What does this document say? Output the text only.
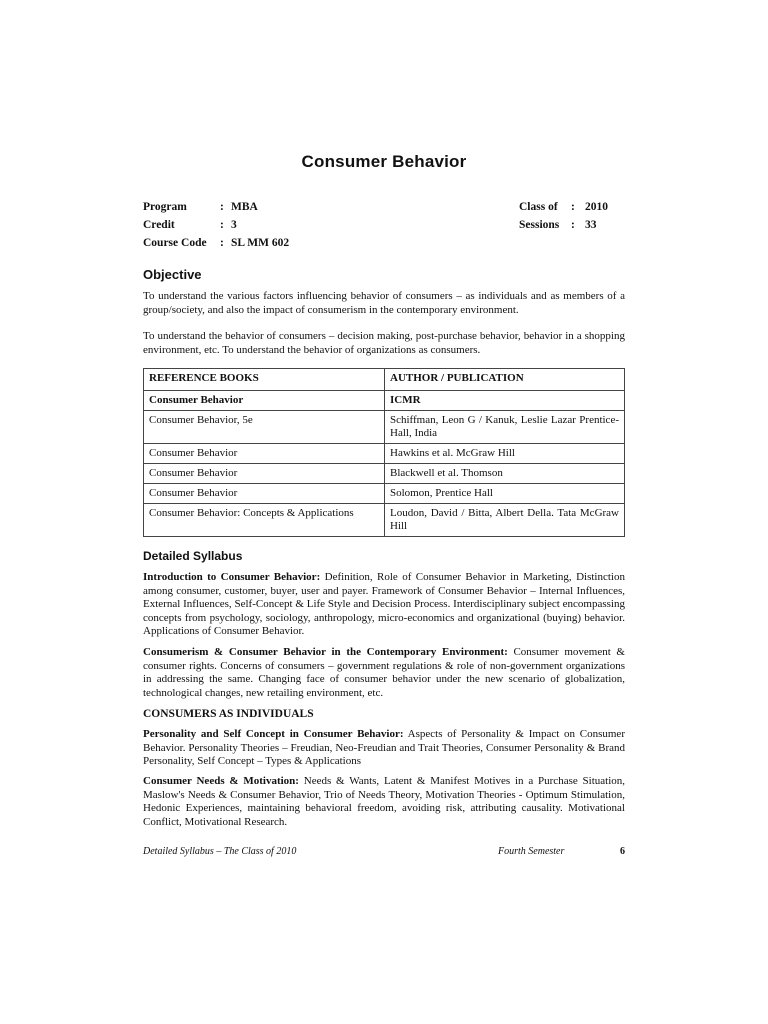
Consumer Behavior
Program	: MBA	Class of : 2010
Credit	: 3	Sessions : 33
Course Code : SL MM 602
Objective
To understand the various factors influencing behavior of consumers – as individuals and as members of a group/society, and also the impact of consumerism in the contemporary environment.
To understand the behavior of consumers – decision making, post-purchase behavior, behavior in a shopping environment, etc. To understand the behavior of organizations as consumers.
REFERENCE BOOKS	AUTHOR / PUBLICATION
Consumer Behavior	ICMR
Consumer Behavior, 5e	Schiffman, Leon G / Kanuk, Leslie Lazar Prentice-Hall, India
Consumer Behavior	Hawkins et al. McGraw Hill
Consumer Behavior	Blackwell et al. Thomson
Consumer Behavior	Solomon, Prentice Hall
Consumer Behavior: Concepts & Applications	Loudon, David / Bitta, Albert Della. Tata McGraw Hill
Detailed Syllabus
Introduction to Consumer Behavior: Definition, Role of Consumer Behavior in Marketing, Distinction among consumer, customer, buyer, user and payer. Framework of Consumer Behavior – Internal Influences, External Influences, Self-Concept & Life Style and Decision Process. Interdisciplinary subject encompassing concepts from psychology, sociology, anthropology, micro-economics and organizational (buying) behavior. Applications of Consumer Behavior.
Consumerism & Consumer Behavior in the Contemporary Environment: Consumer movement & consumer rights. Concerns of consumers – government regulations & role of non-government organizations in addressing the same. Changing face of consumer behavior under the new scenario of globalization, technological changes, new retailing environment, etc.
CONSUMERS AS INDIVIDUALS
Personality and Self Concept in Consumer Behavior: Aspects of Personality & Impact on Consumer Behavior. Personality Theories – Freudian, Neo-Freudian and Trait Theories, Consumer Personality & Brand Personality, Self Concept – Types & Applications
Consumer Needs & Motivation: Needs & Wants, Latent & Manifest Motives in a Purchase Situation, Maslow's Needs & Consumer Behavior, Trio of Needs Theory, Motivation Theories - Optimum Stimulation, Hedonic Experiences, maintaining behavioral freedom, avoiding risk, attributing causality. Motivational Conflict, Motivational Research.
Detailed Syllabus – The Class of 2010	Fourth Semester	6
